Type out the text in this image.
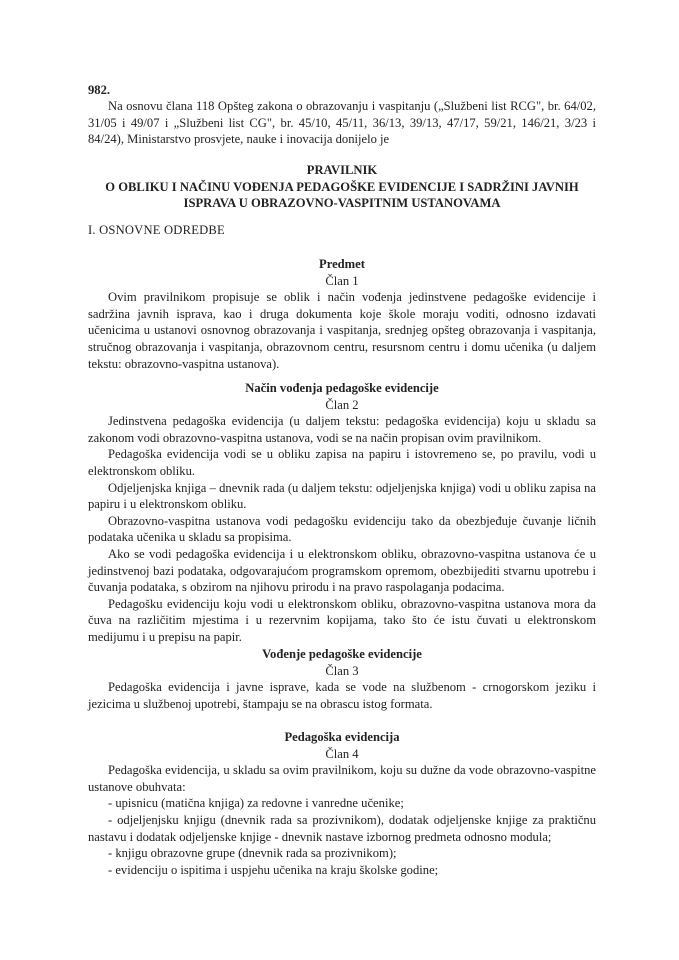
982.

Na osnovu člana 118 Opšteg zakona o obrazovanju i vaspitanju („Službeni list RCG", br. 64/02, 31/05 i 49/07 i „Službeni list CG", br. 45/10, 45/11, 36/13, 39/13, 47/17, 59/21, 146/21, 3/23 i 84/24), Ministarstvo prosvjete, nauke i inovacija donijelo je

PRAVILNIK
O OBLIKU I NAČINU VOĐENJA PEDAGOŠKE EVIDENCIJE I SADRŽINI JAVNIH
ISPRAVA U OBRAZOVNO-VASPITNIM USTANOVAMA
I. OSNOVNE ODREDBE

Predmet

Član 1

Ovim pravilnikom propisuje se oblik i način vođenja jedinstvene pedagoške evidencije i sadržina javnih isprava, kao i druga dokumenta koje škole moraju voditi, odnosno izdavati učenicima u ustanovi osnovnog obrazovanja i vaspitanja, srednjeg opšteg obrazovanja i vaspitanja, stručnog obrazovanja i vaspitanja, obrazovnom centru, resursnom centru i domu učenika (u daljem tekstu: obrazovno-vaspitna ustanova).

Način vođenja pedagoške evidencije

Član 2

Jedinstvena pedagoška evidencija (u daljem tekstu: pedagoška evidencija) koju u skladu sa zakonom vodi obrazovno-vaspitna ustanova, vodi se na način propisan ovim pravilnikom.

Pedagoška evidencija vodi se u obliku zapisa na papiru i istovremeno se, po pravilu, vodi u elektronskom obliku.

Odjeljenjska knjiga – dnevnik rada (u daljem tekstu: odjeljenjska knjiga) vodi u obliku zapisa na papiru i u elektronskom obliku.

Obrazovno-vaspitna ustanova vodi pedagošku evidenciju tako da obezbjeđuje čuvanje ličnih podataka učenika u skladu sa propisima.

Ako se vodi pedagoška evidencija i u elektronskom obliku, obrazovno-vaspitna ustanova će u jedinstvenoj bazi podataka, odgovarajućom programskom opremom, obezbijediti stvarnu upotrebu i čuvanja podataka, s obzirom na njihovu prirodu i na pravo raspolaganja podacima.

Pedagošku evidenciju koju vodi u elektronskom obliku, obrazovno-vaspitna ustanova mora da čuva na različitim mjestima i u rezervnim kopijama, tako što će istu čuvati u elektronskom medijumu i u prepisu na papir.

Vođenje pedagoške evidencije

Član 3

Pedagoška evidencija i javne isprave, kada se vode na službenom - crnogorskom jeziku i jezicima u službenoj upotrebi, štampaju se na obrascu istog formata.

Pedagoška evidencija

Član 4

Pedagoška evidencija, u skladu sa ovim pravilnikom, koju su dužne da vode obrazovno-vaspitne ustanove obuhvata:

- upisnicu (matična knjiga) za redovne i vanredne učenike;

- odjeljenjsku knjigu (dnevnik rada sa prozivnikom), dodatak odjeljenske knjige za praktičnu nastavu i dodatak odjeljenske knjige - dnevnik nastave izbornog predmeta odnosno modula;

- knjigu obrazovne grupe (dnevnik rada sa prozivnikom);

- evidenciju o ispitima i uspjehu učenika na kraju školske godine;
